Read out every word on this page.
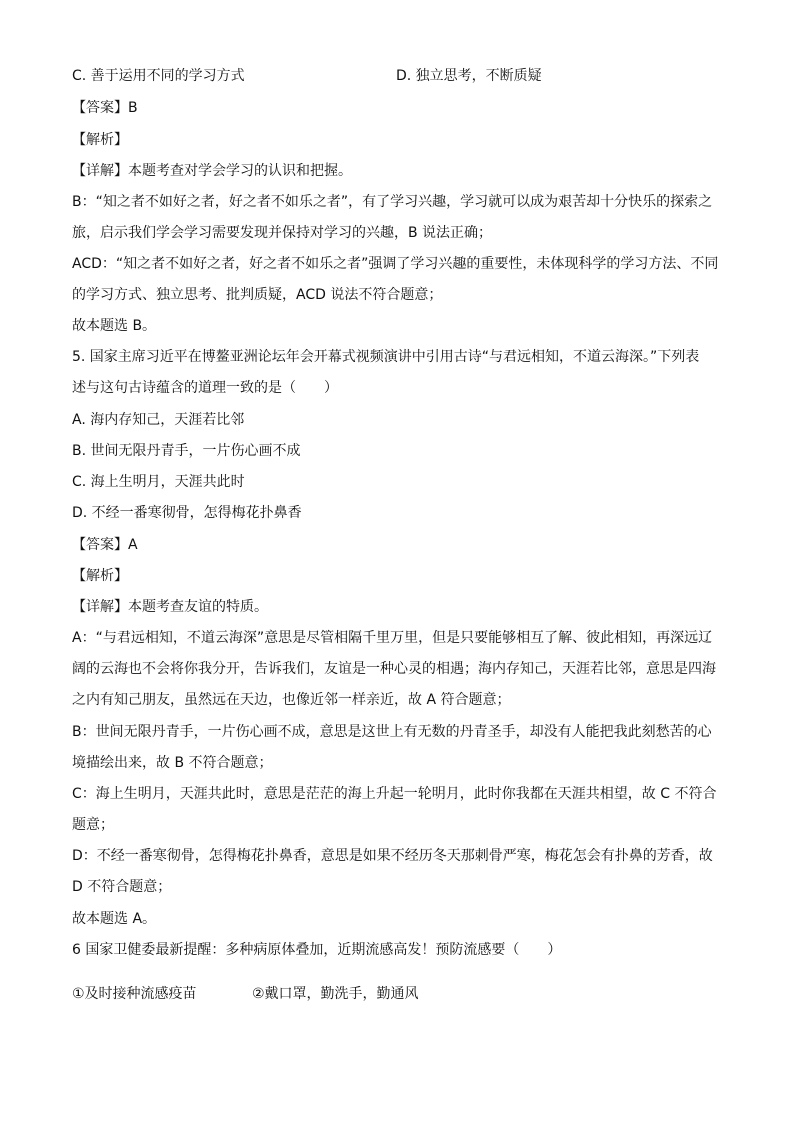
C. 善于运用不同的学习方式	D. 独立思考，不断质疑
【答案】B
【解析】
【详解】本题考查对学会学习的认识和把握。
B：“知之者不如好之者，好之者不如乐之者”，有了学习兴趣，学习就可以成为艰苦却十分快乐的探索之
旅，启示我们学会学习需要发现并保持对学习的兴趣，B 说法正确；
ACD：“知之者不如好之者，好之者不如乐之者”强调了学习兴趣的重要性，未体现科学的学习方法、不同
的学习方式、独立思考、批判质疑，ACD 说法不符合题意；
故本题选 B。
5. 国家主席习近平在博鳌亚洲论坛年会开幕式视频演讲中引用古诗“与君远相知，不道云海深。”下列表
述与这句古诗蕴含的道理一致的是（　　）
A. 海内存知己，天涯若比邻
B. 世间无限丹青手，一片伤心画不成
C. 海上生明月，天涯共此时
D. 不经一番寒彻骨，怎得梅花扑鼻香
【答案】A
【解析】
【详解】本题考查友谊的特质。
A：“与君远相知，不道云海深”意思是尽管相隔千里万里，但是只要能够相互了解、彼此相知，再深远辽
阔的云海也不会将你我分开，告诉我们，友谊是一种心灵的相遇；海内存知己，天涯若比邻，意思是四海
之内有知己朋友，虽然远在天边，也像近邻一样亲近，故 A 符合题意；
B：世间无限丹青手，一片伤心画不成，意思是这世上有无数的丹青圣手，却没有人能把我此刻愁苦的心
境描绘出来，故 B 不符合题意；
C：海上生明月，天涯共此时，意思是茫茫的海上升起一轮明月，此时你我都在天涯共相望，故 C 不符合
题意；
D：不经一番寒彻骨，怎得梅花扑鼻香，意思是如果不经历冬天那刺骨严寒，梅花怎会有扑鼻的芳香，故
D 不符合题意；
故本题选 A。
6 国家卫健委最新提醒：多种病原体叠加，近期流感高发！预防流感要（　　）
①及时接种流感疫苗	②戴口罩，勤洗手，勤通风
